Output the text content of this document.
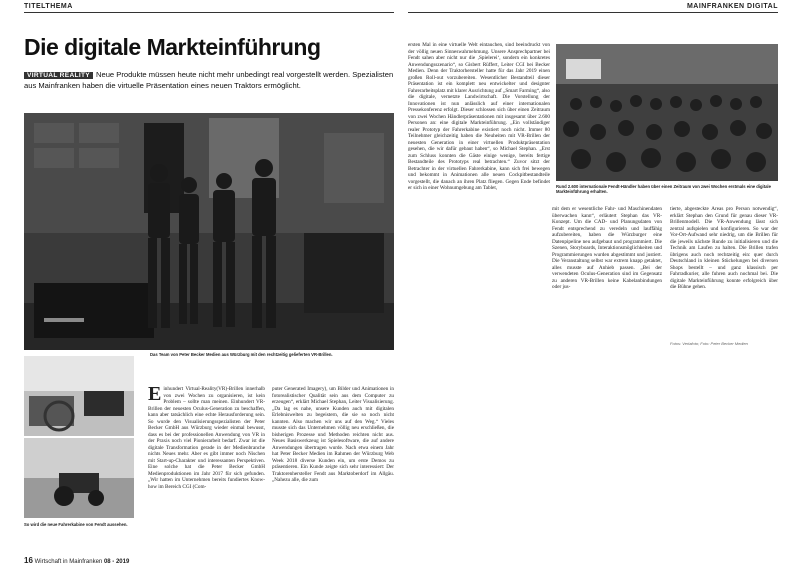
TITELTHEMA	MAINFRANKEN DIGITAL
Die digitale Markteinführung
VIRTUAL REALITY Neue Produkte müssen heute nicht mehr unbedingt real vorgestellt werden. Spezialisten aus Mainfranken haben die virtuelle Präsentation eines neuen Traktors ermöglicht.
Das Team von Peter Becker Medien aus Würzburg mit den rechtzeitig gelieferten VR-Brillen.
So wird die neue Fahrerkabine von Fendt aussehen.
Rund 2.600 internationale Fendt-Händler haben über einen Zeitraum von zwei Wochen erstmals eine digitale Markteinführung erhalten.
Einhundert Virtual-Reality(VR)-Brillen innerhalb von zwei Wochen zu organisieren, ist kein Problem – sollte man meinen. Einhundert VR-Brillen der neuesten Oculus-Generation zu beschaffen, kann aber tatsächlich eine echte Herausforderung sein. So wurde den Visualisierungsspezialisten der Peter Becker GmbH aus Würzburg wieder einmal bewusst, dass es bei der professionellen Anwendung von VR in der Praxis noch viel Pionierarbeit bedarf. Zwar ist die digitale Transformation gerade in der Medienbranche nichts Neues mehr. Aber es gibt immer noch Nischen mit Start-up-Charakter und interessanten Perspektiven. Eine solche hat die Peter Becker GmbH Medienproduktionen im Jahr 2017 für sich gefunden. „Wir hatten im Unternehmen bereits fundiertes Know-how im Bereich CGI (Com-
puter Generated Imagery), um Bilder und Animationen in fotorealistischer Qualität sein aus dem Computer zu erzeugen“, erklärt Michael Stephan, Leiter Visualisierung. „Da lag es nahe, unsere Kunden auch mit digitalen Erlebniswelten zu begeistern, die sie so noch nicht kannten. Also machen wir uns auf den Weg.“ Vieles musste sich das Unternehmen völlig neu erschließen, die bisherigen Prozesse und Methoden reichten nicht aus. Neues Basiswerkzeug ist Spielesoftware, die auf andere Anwendungen übertragen wurde. Nach etwa einem Jahr hat Peter Becker Medien im Rahmen der Würzburg Web Week 2018 diverse Kunden ein, um erste Demos zu präsentieren. Ein Kunde zeigte sich sehr interessiert: Der Traktorenhersteller Fendt aus Marktoberdorf im Allgäu. „Nahezu alle, die zum
ersten Mal in eine virtuelle Welt eintauchen, sind beeindruckt von der völlig neuen Sinneswahrnehmung. Unsere Ansprechpartner bei Fendt sahen aber nicht nur die ‚Spielerei‘, sondern ein konkretes Anwendungsszenario“, so Gisbert Rüffert, Leiter CGI bei Becker Medien. Denn der Traktorhersteller hatte für das Jahr 2019 einen großen Roll-out vorzubereiten. Wesentlicher Bestandteil dieser Präsentation ist ein komplett neu entwickelter und designter Fahrerarbeitsplatz mit klarer Ausrichtung auf „Smart Farming“, also die digitale, vernetzte Landwirtschaft. Die Vorstellung der Innovationen ist nun anlässlich auf einer internationalen Pressekonferenz erfolgt. Dieser schlossen sich über einen Zeitraum von zwei Wochen Händlerpräsentationen mit insgesamt über 2.600 Personen an: eine digitale Markteinführung. „Ein vollständiger realer Prototyp der Fahrerkabine existiert noch nicht. Immer 80 Teilnehmer gleichzeitig haben die Neuheiten mit VR-Brillen der neuesten Generation in einer virtuellen Produktpräsentation gesehen, die wir dafür gebaut haben“, so Michael Stephan. „Erst zum Schluss konnten die Gäste einige wenige, bereits fertige Bestandteile des Prototyps real betrachten.“ Zuvor sitzt der Betrachter in der virtuellen Fahrerkabine, kann sich frei bewegen und bekommt in Animationen alle neuen Cockpitbestandteile vorgestellt, die danach an ihren Platz fliegen. Gegen Ende befindet er sich in einer Wohnumgebung am Tablet,
mit dem er wesentliche Fahr- und Maschinendaten überwachen kann“, erläutert Stephan das VR-Konzept. Um die CAD- und Planungsdaten von Fendt entsprechend zu veredeln und lauffähig aufzubereiten, haben die Würzburger eine Datenpipeline neu aufgebaut und programmiert. Die Szenen, Storyboards, Interaktionsmöglichkeiten und Programmierungen wurden abgestimmt und justiert. Die Veranstaltung selbst war extrem knapp getaktet, alles musste auf Anhieb passen. „Bei der verwendeten Oculus-Generation sind im Gegensatz zu anderen VR-Brillen keine Kabelanbindungen oder jus-
tierte, abgesteckte Areas pro Person notwendig“, erklärt Stephan den Grund für genau dieser VR-Brillenmodell. Die VR-Anwendung lässt sich zentral aufspielen und konfigurieren. So war der Vor-Ort-Aufwand sehr niedrig, um die Brillen für die jeweils nächste Runde zu initialisieren und die Technik am Laufen zu halten. Die Brillen trafen übrigens auch noch rechtzeitig ein: quer durch Deutschland in kleinen Stückelungen bei diversen Shops bestellt – und ganz klassisch per Fahrradkurier, alle fuhren auch nochmal bei. Die digitale Markteinführung konnte erfolgreich über die Bühne gehen.
Fotos: Verlafoto; Foto: Peter Becker Medien
16 Wirtschaft in Mainfranken 08 - 2019
